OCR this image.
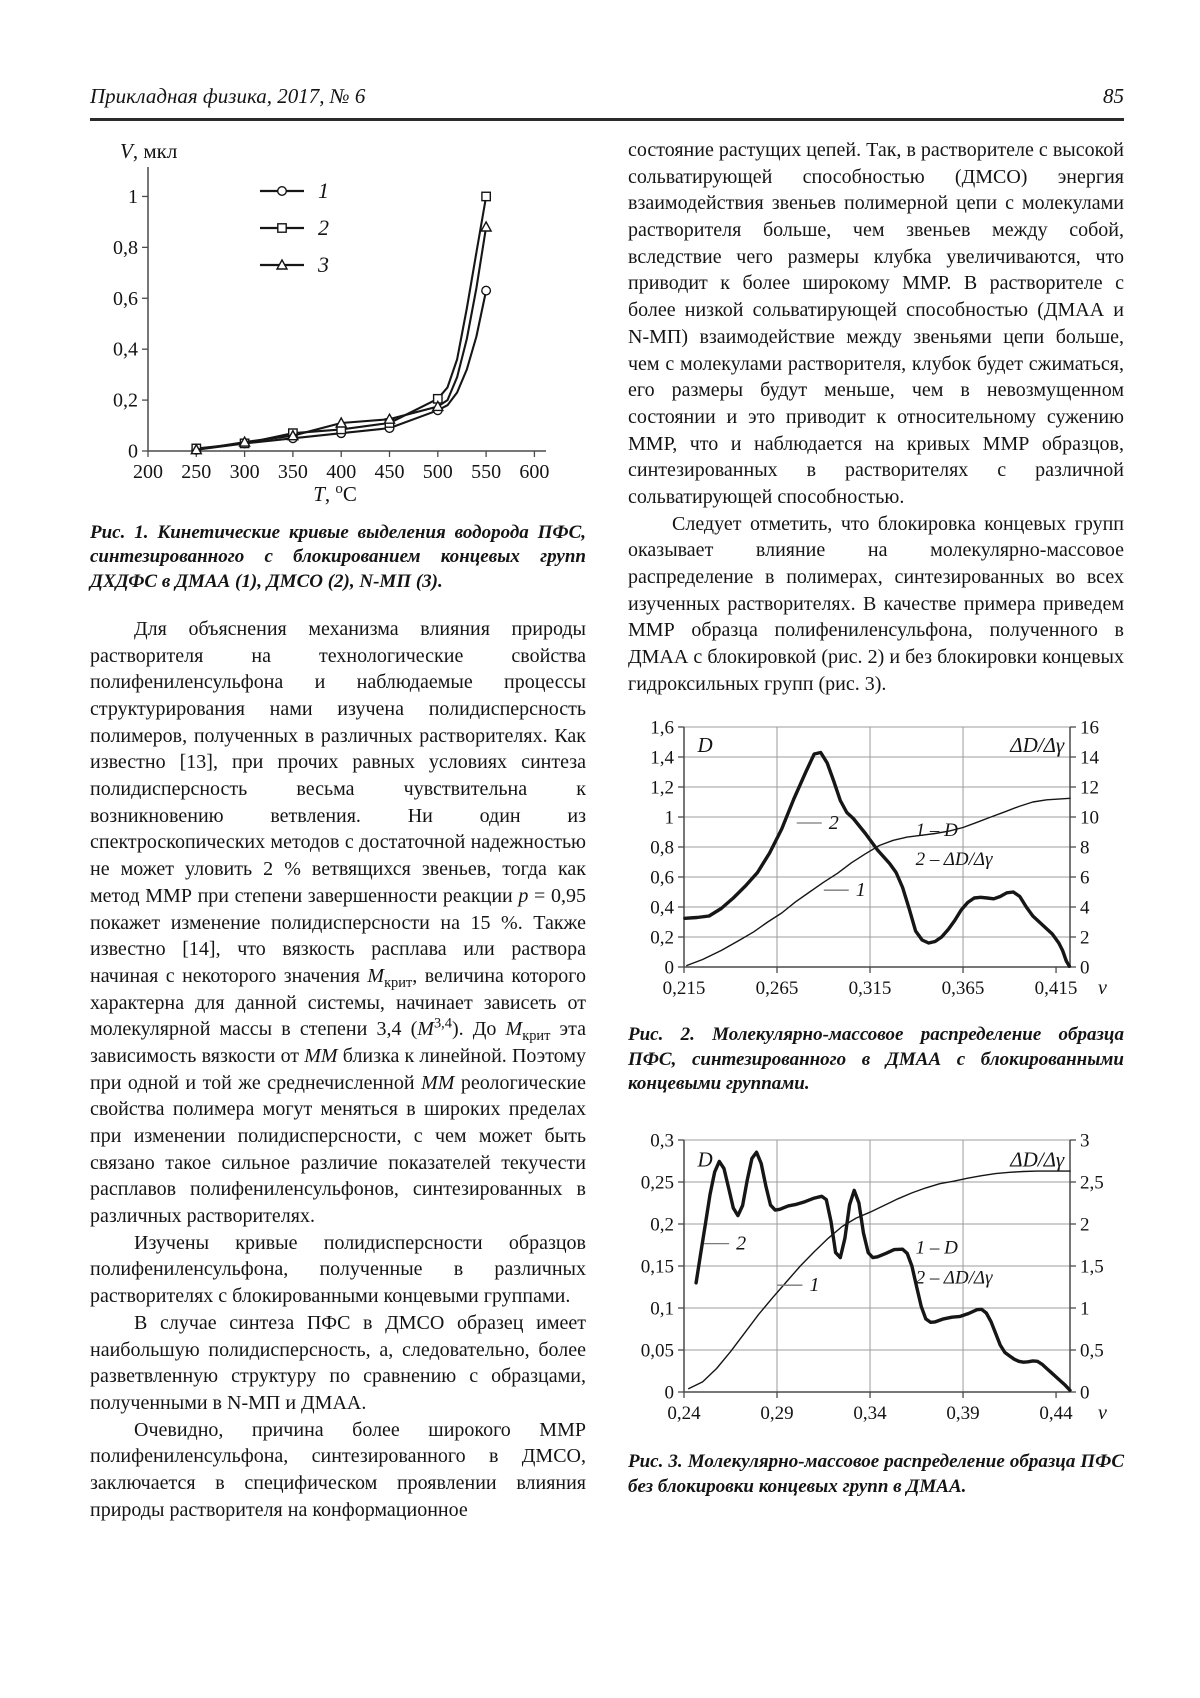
Прикладная физика, 2017, № 6	85
0
0,2
0,4
0,6
0,8
1
200 250 300 350 400 450 500 550 600
V, мкл
T, $^o$C
1
2
3
Рис. 1. Кинетические кривые выделения водорода ПФС, синтезированного с блокированием концевых групп ДХДФС в ДМАА (1), ДМСО (2), N-МП (3).

Для объяснения механизма влияния природы растворителя на технологические свойства полифениленсульфона и наблюдаемые процессы структурирования нами изучена полидисперсность полимеров, полученных в различных растворителях. Как известно [13], при прочих равных условиях синтеза полидисперсность весьма чувствительна к возникновению ветвления. Ни один из спектроскопических методов с достаточной надежностью не может уловить 2 % ветвящихся звеньев, тогда как метод ММР при степени завершенности реакции p = 0,95 покажет изменение полидисперсности на 15 %. Также известно [14], что вязкость расплава или раствора начиная с некоторого значения $M_{крит}$, величина которого характерна для данной системы, начинает зависеть от молекулярной массы в степени 3,4 $(M^{3,4})$. До $M_{крит}$ эта зависимость вязкости от ММ близка к линейной. Поэтому при одной и той же среднечисленной ММ реологические свойства полимера могут меняться в широких пределах при изменении полидисперсности, с чем может быть связано такое сильное различие показателей текучести расплавов полифениленсульфонов, синтезированных в различных растворителях.

Изучены кривые полидисперсности образцов полифениленсульфона, полученные в различных растворителях с блокированными концевыми группами.

В случае синтеза ПФС в ДМСО образец имеет наибольшую полидисперсность, а, следовательно, более разветвленную структуру по сравнению с образцами, полученными в N-МП и ДМАА.

Очевидно, причина более широкого ММР полифениленсульфона, синтезированного в ДМСО, заключается в специфическом проявлении влияния природы растворителя на конформационное

состояние растущих цепей. Так, в растворителе с высокой сольватирующей способностью (ДМСО) энергия взаимодействия звеньев полимерной цепи с молекулами растворителя больше, чем звеньев между собой, вследствие чего размеры клубка увеличиваются, что приводит к более широкому ММР. В растворителе с более низкой сольватирующей способностью (ДМАА и N-МП) взаимодействие между звеньями цепи больше, чем с молекулами растворителя, клубок будет сжиматься, его размеры будут меньше, чем в невозмущенном состоянии и это приводит к относительному сужению ММР, что и наблюдается на кривых ММР образцов, синтезированных в растворителях с различной сольватирующей способностью.

Следует отметить, что блокировка концевых групп оказывает влияние на молекулярно-массовое распределение в полимерах, синтезированных во всех изученных растворителях. В качестве примера приведем ММР образца полифениленсульфона, полученного в ДМАА с блокировкой (рис. 2) и без блокировки концевых гидроксильных групп (рис. 3).

0
0,2
0,4
0,6
0,8
1
1,2
1,4
1,6
0
2
4
6
8
10
12
14
16
0,215	0,265	0,315	0,365	0,415 v
D	ΔD/Δγ
1 – D
2 – ΔD/Δγ
2
1
Рис. 2. Молекулярно-массовое распределение образца ПФС, синтезированного в ДМАА с блокированными концевыми группами.
0
0,05
0,1
0,15
0,2
0,25
0,3
0
0,5
1
1,5
2
2,5
3
0,24	0,29	0,34	0,39	0,44 v
D	ΔD/Δγ
1 – D
2 – ΔD/Δγ
2
1
Рис. 3. Молекулярно-массовое распределение образца ПФС без блокировки концевых групп в ДМАА.
